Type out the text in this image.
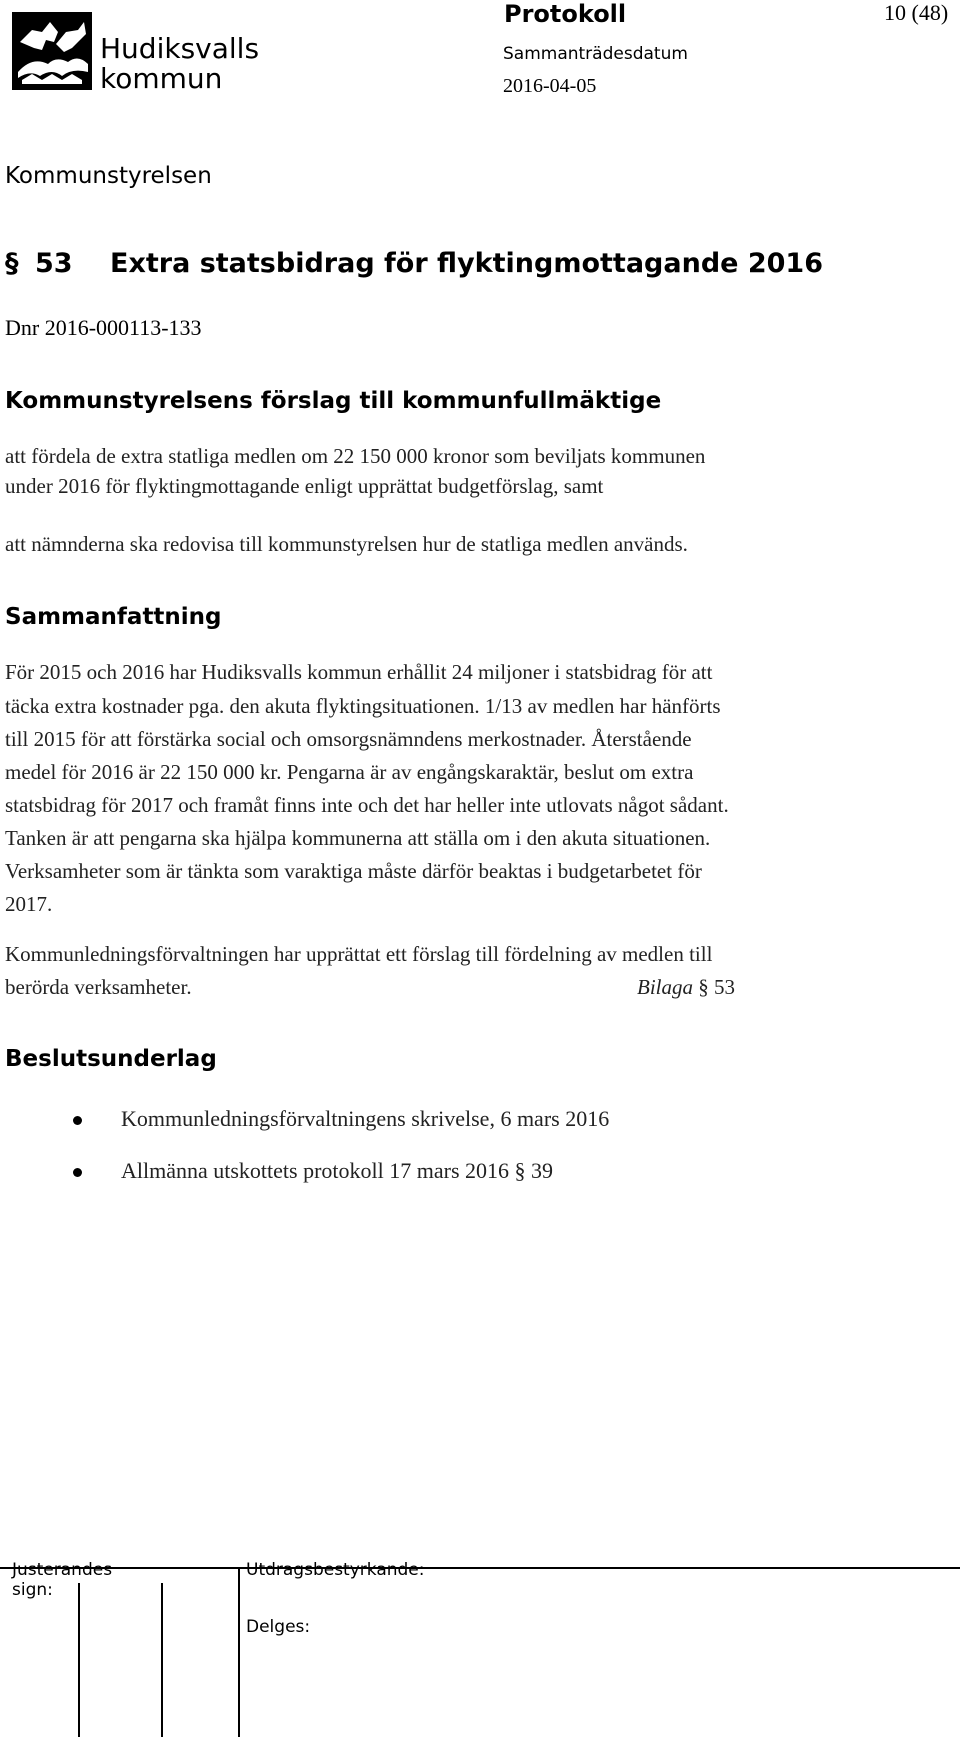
Hudiksvalls
kommun
Protokoll	10 (48)
Sammanträdesdatum
2016-04-05
Kommunstyrelsen
§ 53 Extra statsbidrag för flyktingmottagande 2016
Dnr 2016-000113-133
Kommunstyrelsens förslag till kommunfullmäktige
att fördela de extra statliga medlen om 22 150 000 kronor som beviljats kommunen
under 2016 för flyktingmottagande enligt upprättat budgetförslag, samt
att nämnderna ska redovisa till kommunstyrelsen hur de statliga medlen används.
Sammanfattning
För 2015 och 2016 har Hudiksvalls kommun erhållit 24 miljoner i statsbidrag för att
täcka extra kostnader pga. den akuta flyktingsituationen. 1/13 av medlen har hänförts
till 2015 för att förstärka social och omsorgsnämndens merkostnader. Återstående
medel för 2016 är 22 150 000 kr. Pengarna är av engångskaraktär, beslut om extra
statsbidrag för 2017 och framåt finns inte och det har heller inte utlovats något sådant.
Tanken är att pengarna ska hjälpa kommunerna att ställa om i den akuta situationen.
Verksamheter som är tänkta som varaktiga måste därför beaktas i budgetarbetet för
2017.
Kommunledningsförvaltningen har upprättat ett förslag till fördelning av medlen till
berörda verksamheter.	Bilaga § 53
Beslutsunderlag
Kommunledningsförvaltningens skrivelse, 6 mars 2016
Allmänna utskottets protokoll 17 mars 2016 § 39
Justerandes
sign:
Utdragsbestyrkande:
Delges:
